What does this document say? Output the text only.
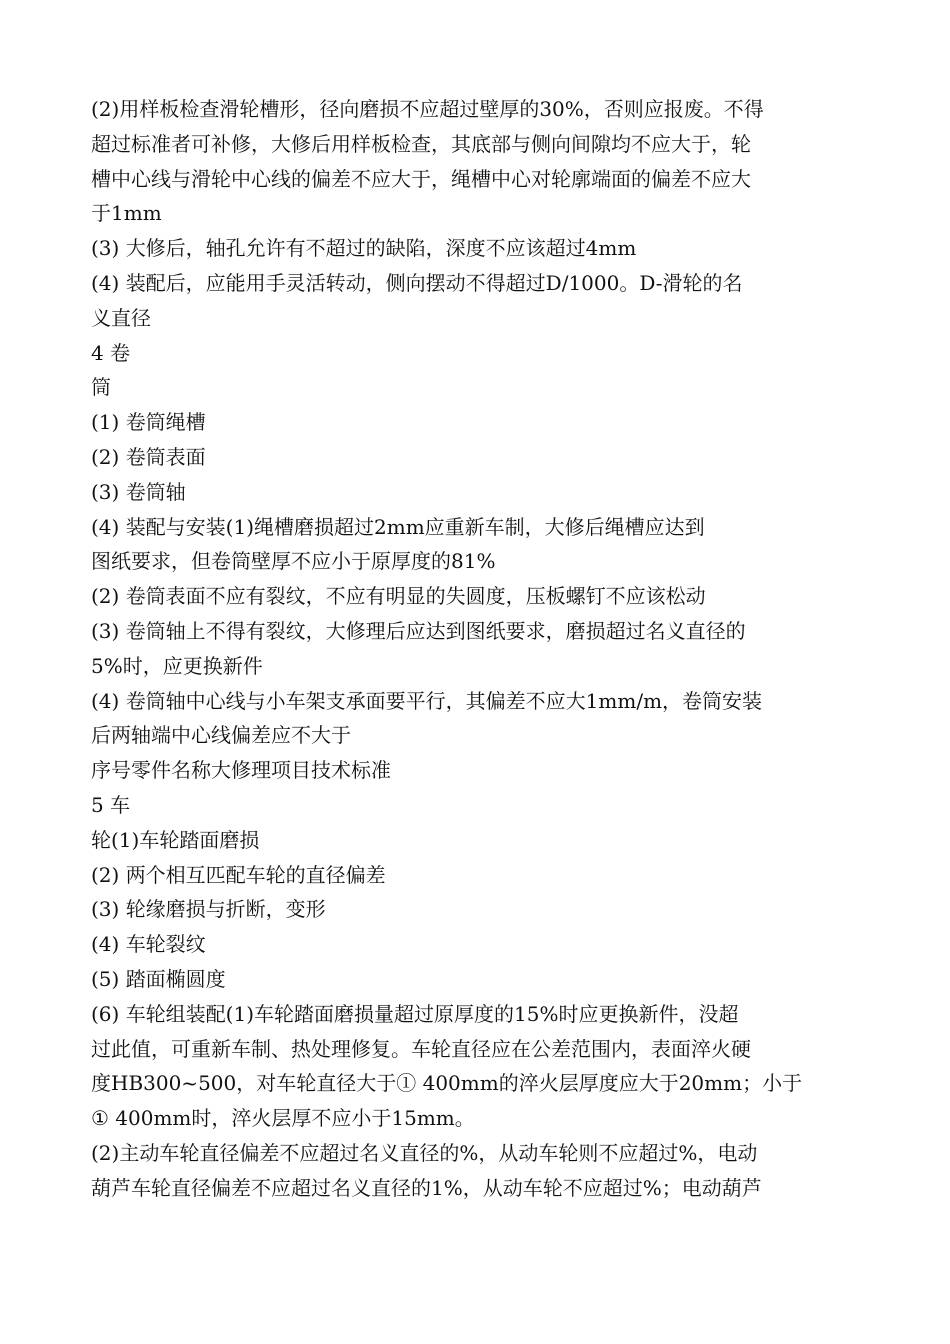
(2)用样板检查滑轮槽形，径向磨损不应超过壁厚的30%，否则应报废。不得
超过标准者可补修，大修后用样板检查，其底部与侧向间隙均不应大于，轮
槽中心线与滑轮中心线的偏差不应大于，绳槽中心对轮廓端面的偏差不应大
于1mm
(3) 大修后，轴孔允许有不超过的缺陷，深度不应该超过4mm
(4) 装配后，应能用手灵活转动，侧向摆动不得超过D/1000。D-滑轮的名
义直径
4 卷
筒
(1) 卷筒绳槽
(2) 卷筒表面
(3) 卷筒轴
(4) 装配与安装(1)绳槽磨损超过2mm应重新车制，大修后绳槽应达到
图纸要求，但卷筒壁厚不应小于原厚度的81%
(2) 卷筒表面不应有裂纹，不应有明显的失圆度，压板螺钉不应该松动
(3) 卷筒轴上不得有裂纹，大修理后应达到图纸要求，磨损超过名义直径的
5%时，应更换新件
(4) 卷筒轴中心线与小车架支承面要平行，其偏差不应大1mm/m，卷筒安装
后两轴端中心线偏差应不大于
序号零件名称大修理项目技术标准
5 车
轮(1)车轮踏面磨损
(2) 两个相互匹配车轮的直径偏差
(3) 轮缘磨损与折断，变形
(4) 车轮裂纹
(5) 踏面椭圆度
(6) 车轮组装配(1)车轮踏面磨损量超过原厚度的15%时应更换新件，没超
过此值，可重新车制、热处理修复。车轮直径应在公差范围内，表面淬火硬
度HB300~500，对车轮直径大于① 400mm的淬火层厚度应大于20mm；小于
① 400mm时，淬火层厚不应小于15mm。
(2)主动车轮直径偏差不应超过名义直径的%，从动车轮则不应超过%，电动
葫芦车轮直径偏差不应超过名义直径的1%，从动车轮不应超过%；电动葫芦
